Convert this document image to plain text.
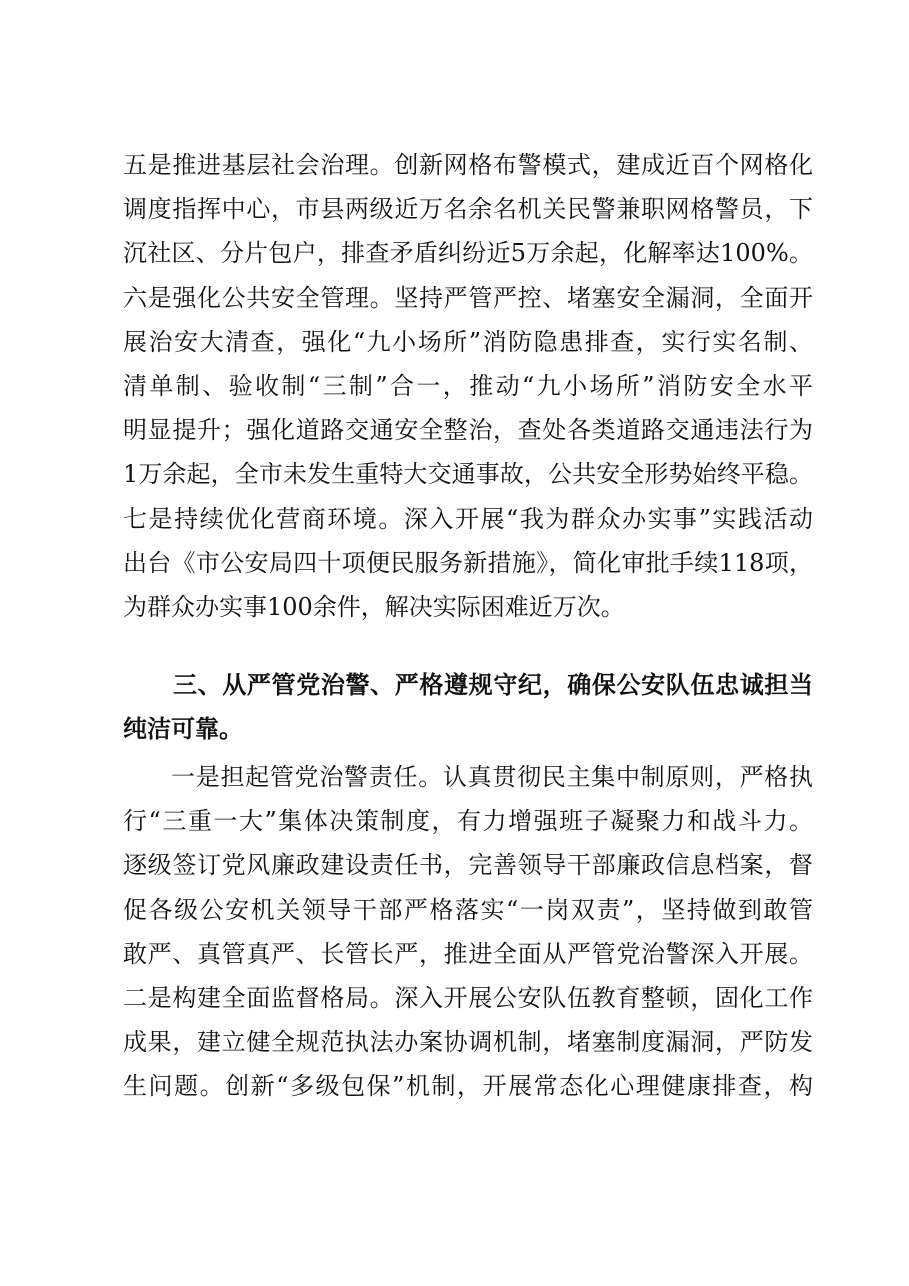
五是推进基层社会治理。创新网格布警模式，建成近百个网格化
调度指挥中心，市县两级近万名余名机关民警兼职网格警员，下
沉社区、分片包户，排查矛盾纠纷近5万余起，化解率达100%。
六是强化公共安全管理。坚持严管严控、堵塞安全漏洞，全面开
展治安大清查，强化“九小场所”消防隐患排查，实行实名制、
清单制、验收制“三制”合一，推动“九小场所”消防安全水平
明显提升；强化道路交通安全整治，查处各类道路交通违法行为
1万余起，全市未发生重特大交通事故，公共安全形势始终平稳。
七是持续优化营商环境。深入开展“我为群众办实事”实践活动
出台《市公安局四十项便民服务新措施》，简化审批手续118项，
为群众办实事100余件，解决实际困难近万次。
三、从严管党治警、严格遵规守纪，确保公安队伍忠诚担当
纯洁可靠。
一是担起管党治警责任。认真贯彻民主集中制原则，严格执
行“三重一大”集体决策制度，有力增强班子凝聚力和战斗力。
逐级签订党风廉政建设责任书，完善领导干部廉政信息档案，督
促各级公安机关领导干部严格落实“一岗双责”，坚持做到敢管
敢严、真管真严、长管长严，推进全面从严管党治警深入开展。
二是构建全面监督格局。深入开展公安队伍教育整顿，固化工作
成果，建立健全规范执法办案协调机制，堵塞制度漏洞，严防发
生问题。创新“多级包保”机制，开展常态化心理健康排查，构
